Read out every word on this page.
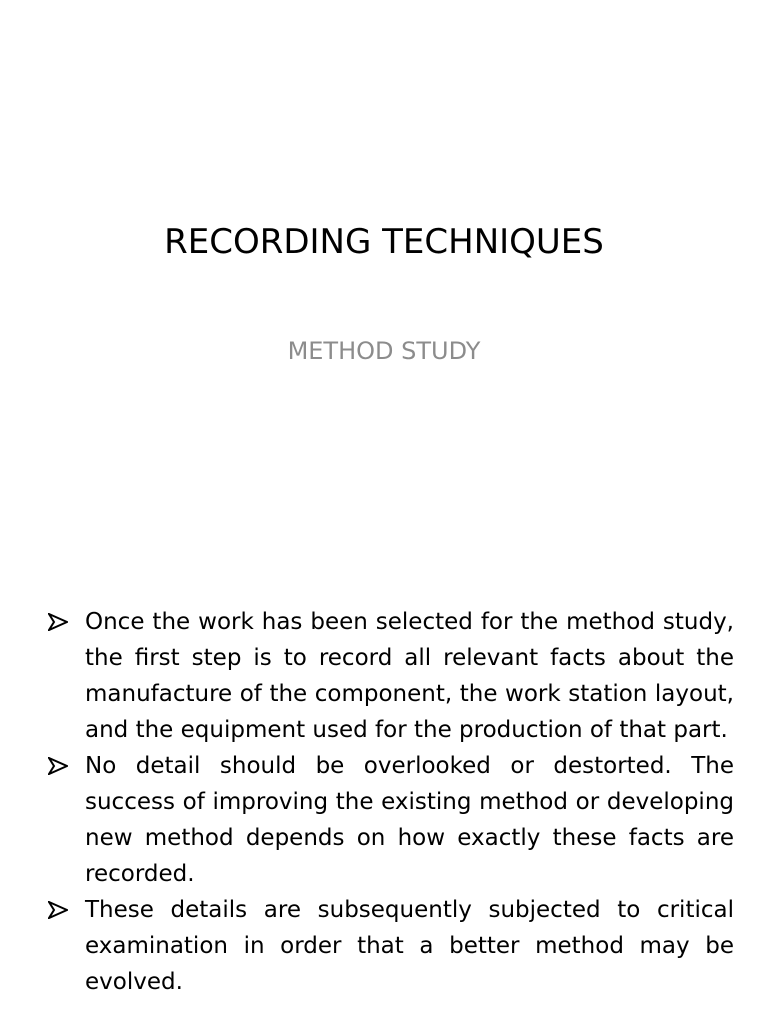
RECORDING TECHNIQUES
METHOD STUDY
Once the work has been selected for the method study, the first step is to record all relevant facts about the manufacture of the component, the work station layout, and the equipment used for the production of that part.
No detail should be overlooked or destorted. The success of improving the existing method or developing new method depends on how exactly these facts are recorded.
These details are subsequently subjected to critical examination in order that a better method may be evolved.
